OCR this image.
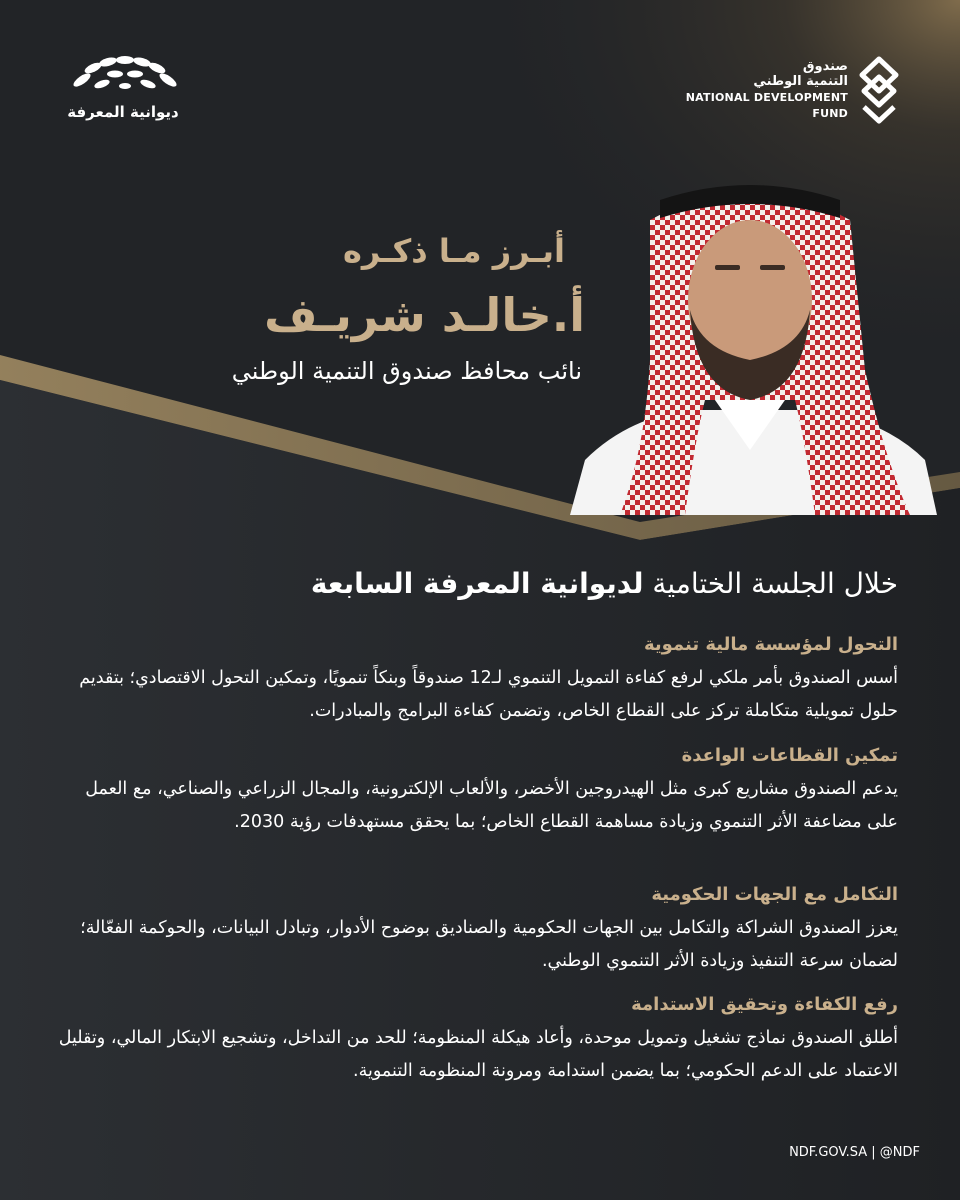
ديوانية المعرفة
صندوق
التنمية الوطني
NATIONAL DEVELOPMENT
FUND
أبـرز مـا ذكـره
أ.خالـد شريـف
نائب محافظ صندوق التنمية الوطني
خلال الجلسة الختامية لديوانية المعرفة السابعة
التحول لمؤسسة مالية تنموية
أسس الصندوق بأمر ملكي لرفع كفاءة التمويل التنموي لـ12 صندوقاً وبنكاً تنمويًا، وتمكين التحول الاقتصادي؛ بتقديم حلول تمويلية متكاملة تركز على القطاع الخاص، وتضمن كفاءة البرامج والمبادرات.
تمكين القطاعات الواعدة
يدعم الصندوق مشاريع كبرى مثل الهيدروجين الأخضر، والألعاب الإلكترونية، والمجال الزراعي والصناعي، مع العمل على مضاعفة الأثر التنموي وزيادة مساهمة القطاع الخاص؛ بما يحقق مستهدفات رؤية 2030.
التكامل مع الجهات الحكومية
يعزز الصندوق الشراكة والتكامل بين الجهات الحكومية والصناديق بوضوح الأدوار، وتبادل البيانات، والحوكمة الفعّالة؛ لضمان سرعة التنفيذ وزيادة الأثر التنموي الوطني.
رفع الكفاءة وتحقيق الاستدامة
أطلق الصندوق نماذج تشغيل وتمويل موحدة، وأعاد هيكلة المنظومة؛ للحد من التداخل، وتشجيع الابتكار المالي، وتقليل الاعتماد على الدعم الحكومي؛ بما يضمن استدامة ومرونة المنظومة التنموية.
NDF.GOV.SA | @NDF
